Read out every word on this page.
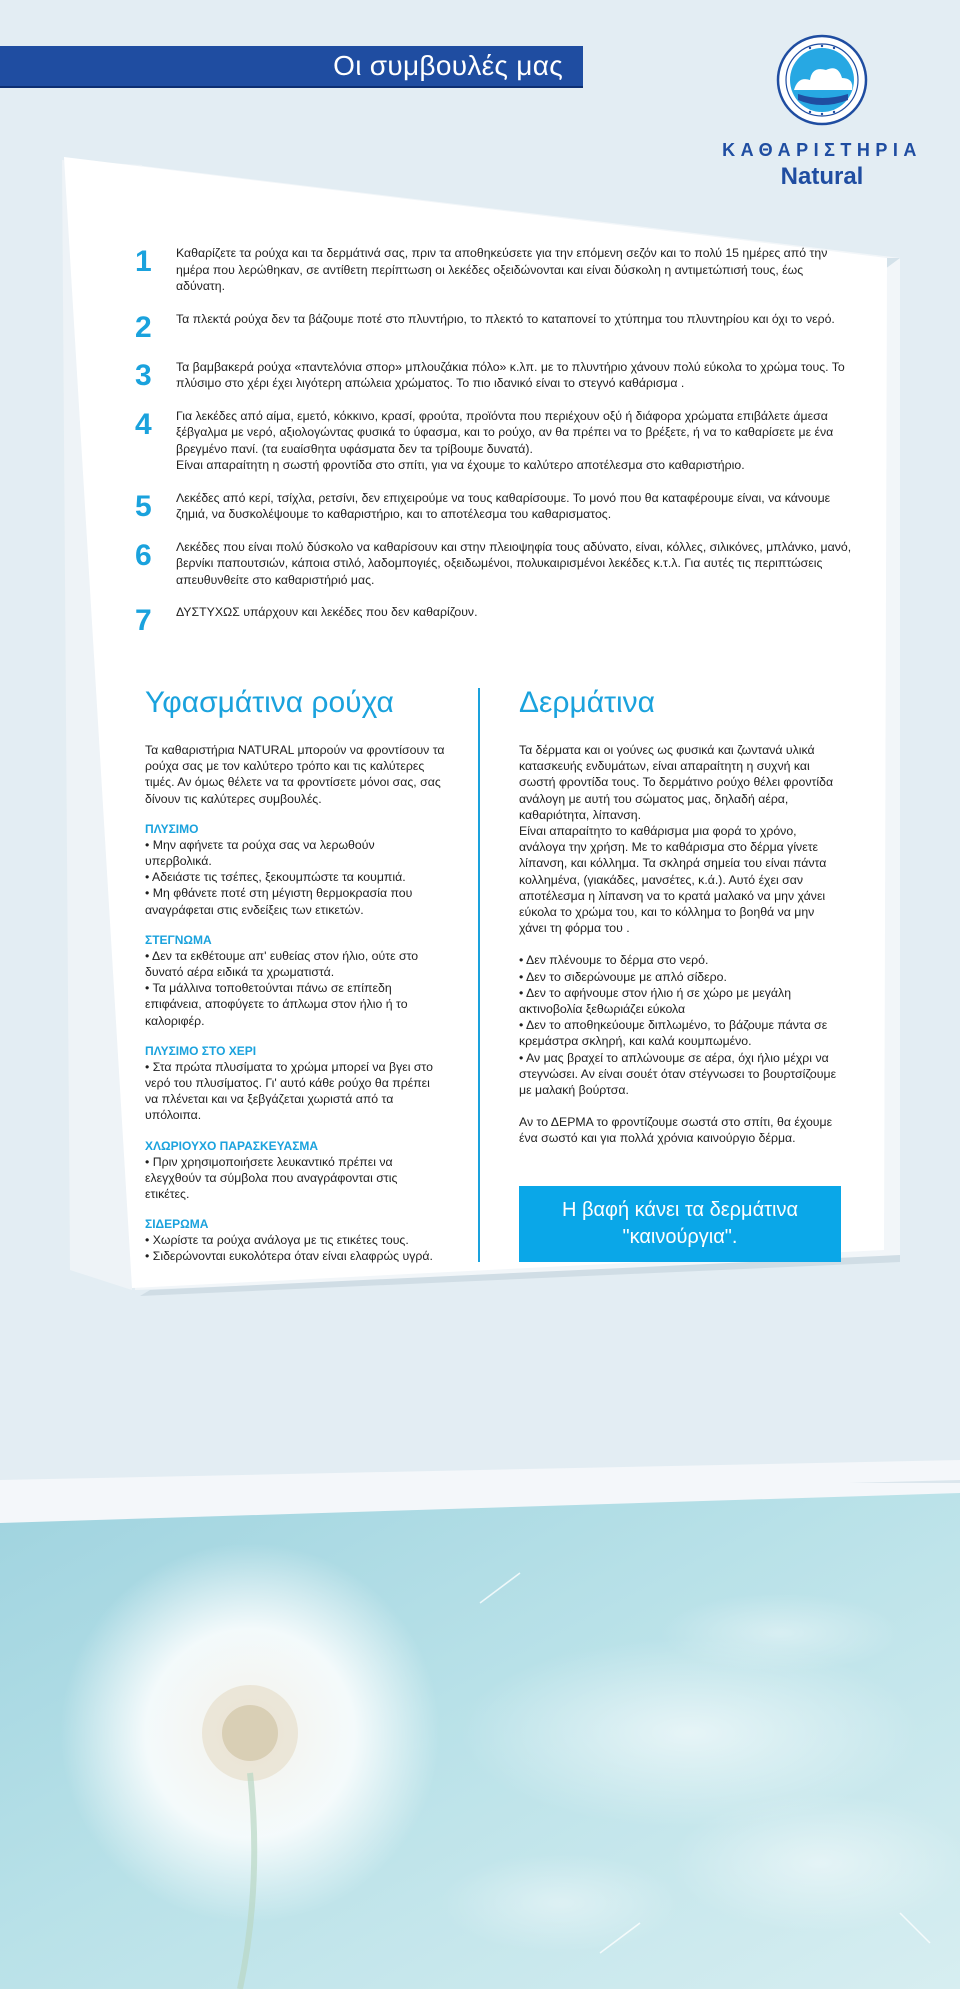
Οι συμβουλές μας
ΚΑΘΑΡΙΣΤΗΡΙΑ
Natural
1	Καθαρίζετε τα ρούχα και τα δερμάτινά σας, πριν τα αποθηκεύσετε για την επόμενη σεζόν και το πολύ 15 ημέρες από την
ημέρα που λερώθηκαν, σε αντίθετη περίπτωση οι λεκέδες οξειδώνονται και είναι δύσκολη η αντιμετώπισή τους, έως
αδύνατη.
2	Τα πλεκτά ρούχα δεν τα βάζουμε ποτέ στο πλυντήριο, το πλεκτό το καταπονεί το χτύπημα του πλυντηρίου και όχι το νερό.
3	Τα βαμβακερά ρούχα «παντελόνια σπορ» μπλουζάκια πόλο» κ.λπ. με το πλυντήριο χάνουν πολύ εύκολα το χρώμα τους. Το
πλύσιμο στο χέρι έχει λιγότερη απώλεια χρώματος. Το πιο ιδανικό είναι το στεγνό καθάρισμα .
4	Για λεκέδες από αίμα, εμετό, κόκκινο, κρασί, φρούτα, προϊόντα που περιέχουν οξύ ή διάφορα χρώματα επιβάλετε άμεσα
ξέβγαλμα με νερό, αξιολογώντας φυσικά το ύφασμα, και το ρούχο, αν θα πρέπει να το βρέξετε, ή να το καθαρίσετε με ένα
βρεγμένο πανί. (τα ευαίσθητα υφάσματα δεν τα τρίβουμε δυνατά).
Είναι απαραίτητη η σωστή φροντίδα στο σπίτι, για να έχουμε το καλύτερο αποτέλεσμα στο καθαριστήριο.
5	Λεκέδες από κερί, τσίχλα, ρετσίνι, δεν επιχειρούμε να τους καθαρίσουμε. Το μονό που θα καταφέρουμε είναι, να κάνουμε
ζημιά, να δυσκολέψουμε το καθαριστήριο, και το αποτέλεσμα του καθαρισματος.
6	Λεκέδες που είναι πολύ δύσκολο να καθαρίσουν και στην πλειοψηφία τους αδύνατο, είναι, κόλλες, σιλικόνες, μπλάνκο, μανό,
βερνίκι παπουτσιών, κάποια στιλό, λαδομπογιές, οξειδωμένοι, πολυκαιρισμένοι λεκέδες κ.τ.λ. Για αυτές τις περιπτώσεις
απευθυνθείτε στο καθαριστήριό μας.
7	ΔΥΣΤΥΧΩΣ υπάρχουν και λεκέδες που δεν καθαρίζουν.
Υφασμάτινα ρούχα

Τα καθαριστήρια NATURAL μπορούν να φροντίσουν τα
ρούχα σας με τον καλύτερο τρόπο και τις καλύτερες
τιμές. Αν όμως θέλετε να τα φροντίσετε μόνοι σας, σας
δίνουν τις καλύτερες συμβουλές.

ΠΛΥΣΙΜΟ
• Μην αφήνετε τα ρούχα σας να λερωθούν
υπερβολικά.
• Αδειάστε τις τσέπες, ξεκουμπώστε τα κουμπιά.
• Μη φθάνετε ποτέ στη μέγιστη θερμοκρασία που
αναγράφεται στις ενδείξεις των ετικετών.
ΣΤΕΓΝΩΜΑ
• Δεν τα εκθέτουμε απ' ευθείας στον ήλιο, ούτε στο
δυνατό αέρα ειδικά τα χρωματιστά.
• Τα μάλλινα τοποθετούνται πάνω σε επίπεδη
επιφάνεια, αποφύγετε το άπλωμα στον ήλιο ή το
καλοριφέρ.
ΠΛΥΣΙΜΟ ΣΤΟ ΧΕΡΙ
• Στα πρώτα πλυσίματα το χρώμα μπορεί να βγει στο
νερό του πλυσίματος. Γι' αυτό κάθε ρούχο θα πρέπει
να πλένεται και να ξεβγάζεται χωριστά από τα
υπόλοιπα.
ΧΛΩΡΙΟΥΧΟ ΠΑΡΑΣΚΕΥΑΣΜΑ
• Πριν χρησιμοποιήσετε λευκαντικό πρέπει να
ελεγχθούν τα σύμβολα που αναγράφονται στις
ετικέτες.
ΣΙΔΕΡΩΜΑ
• Χωρίστε τα ρούχα ανάλογα με τις ετικέτες τους.
• Σιδερώνονται ευκολότερα όταν είναι ελαφρώς υγρά.
Δερμάτινα

Τα δέρματα και οι γούνες ως φυσικά και ζωντανά υλικά
κατασκευής ενδυμάτων, είναι απαραίτητη η συχνή και
σωστή φροντίδα τους. Το δερμάτινο ρούχο θέλει φροντίδα
ανάλογη με αυτή του σώματος μας, δηλαδή αέρα,
καθαριότητα, λίπανση.
Είναι απαραίτητο το καθάρισμα μια φορά το χρόνο,
ανάλογα την χρήση. Με το καθάρισμα στο δέρμα γίνετε
λίπανση, και κόλλημα. Τα σκληρά σημεία του είναι πάντα
κολλημένα, (γιακάδες, μανσέτες, κ.ά.). Αυτό έχει σαν
αποτέλεσμα η λίπανση να το κρατά μαλακό να μην χάνει
εύκολα το χρώμα του, και το κόλλημα το βοηθά να μην
χάνει τη φόρμα του .

• Δεν πλένουμε το δέρμα στο νερό.
• Δεν το σιδερώνουμε με απλό σίδερο.
• Δεν το αφήνουμε στον ήλιο ή σε χώρο με μεγάλη
ακτινοβολία ξεθωριάζει εύκολα
• Δεν το αποθηκεύουμε διπλωμένο, το βάζουμε πάντα σε
κρεμάστρα σκληρή, και καλά κουμπωμένο.
• Αν μας βραχεί το απλώνουμε σε αέρα, όχι ήλιο μέχρι να
στεγνώσει. Αν είναι σουέτ όταν στέγνωσει το βουρτσίζουμε
με μαλακή βούρτσα.
Αν το ΔΕΡΜΑ το φροντίζουμε σωστά στο σπίτι, θα έχουμε
ένα σωστό και για πολλά χρόνια καινούργιο δέρμα.
Η βαφή κάνει τα δερμάτινα
"καινούργια".
